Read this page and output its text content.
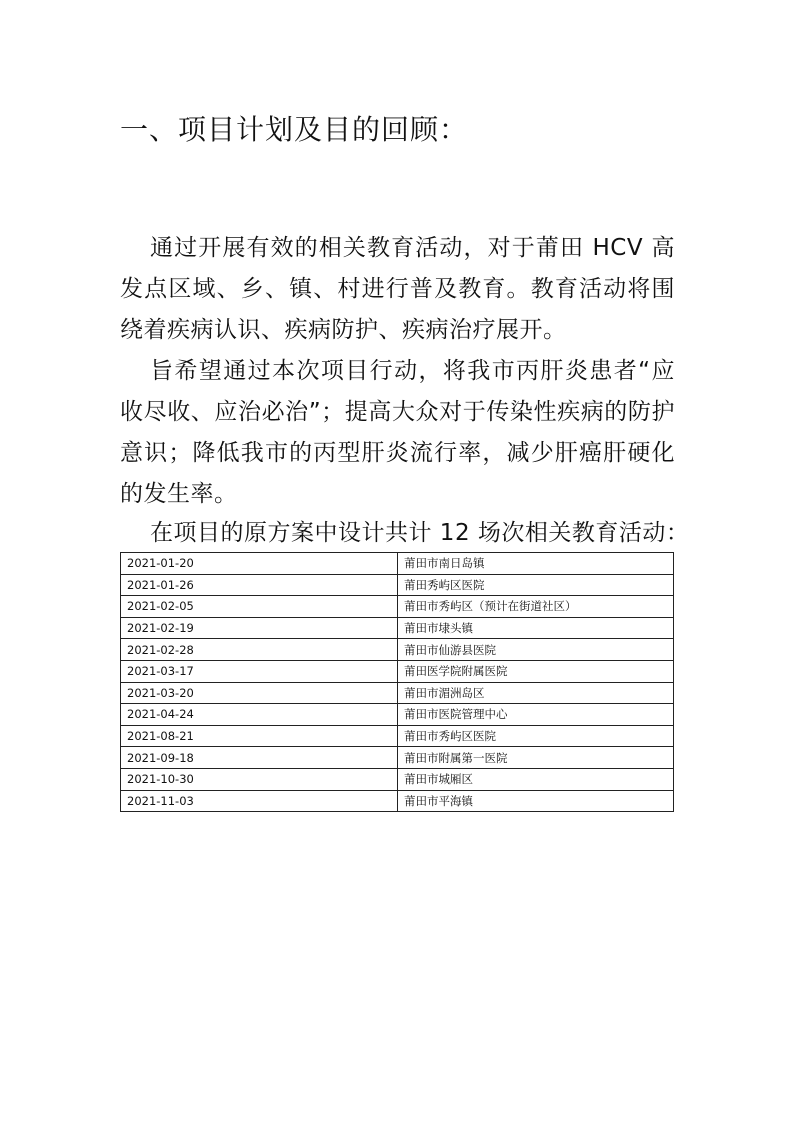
一、项目计划及目的回顾：

通过开展有效的相关教育活动，对于莆田 HCV 高发点区域、乡、镇、村进行普及教育。教育活动将围绕着疾病认识、疾病防护、疾病治疗展开。

旨希望通过本次项目行动，将我市丙肝炎患者“应收尽收、应治必治”；提高大众对于传染性疾病的防护意识；降低我市的丙型肝炎流行率，减少肝癌肝硬化的发生率。

在项目的原方案中设计共计 12 场次相关教育活动：

2021-01-20	莆田市南日岛镇
2021-01-26	莆田秀屿区医院
2021-02-05	莆田市秀屿区（预计在街道社区）
2021-02-19	莆田市埭头镇
2021-02-28	莆田市仙游县医院
2021-03-17	莆田医学院附属医院
2021-03-20	莆田市湄洲岛区
2021-04-24	莆田市医院管理中心
2021-08-21	莆田市秀屿区医院
2021-09-18	莆田市附属第一医院
2021-10-30	莆田市城厢区
2021-11-03	莆田市平海镇
